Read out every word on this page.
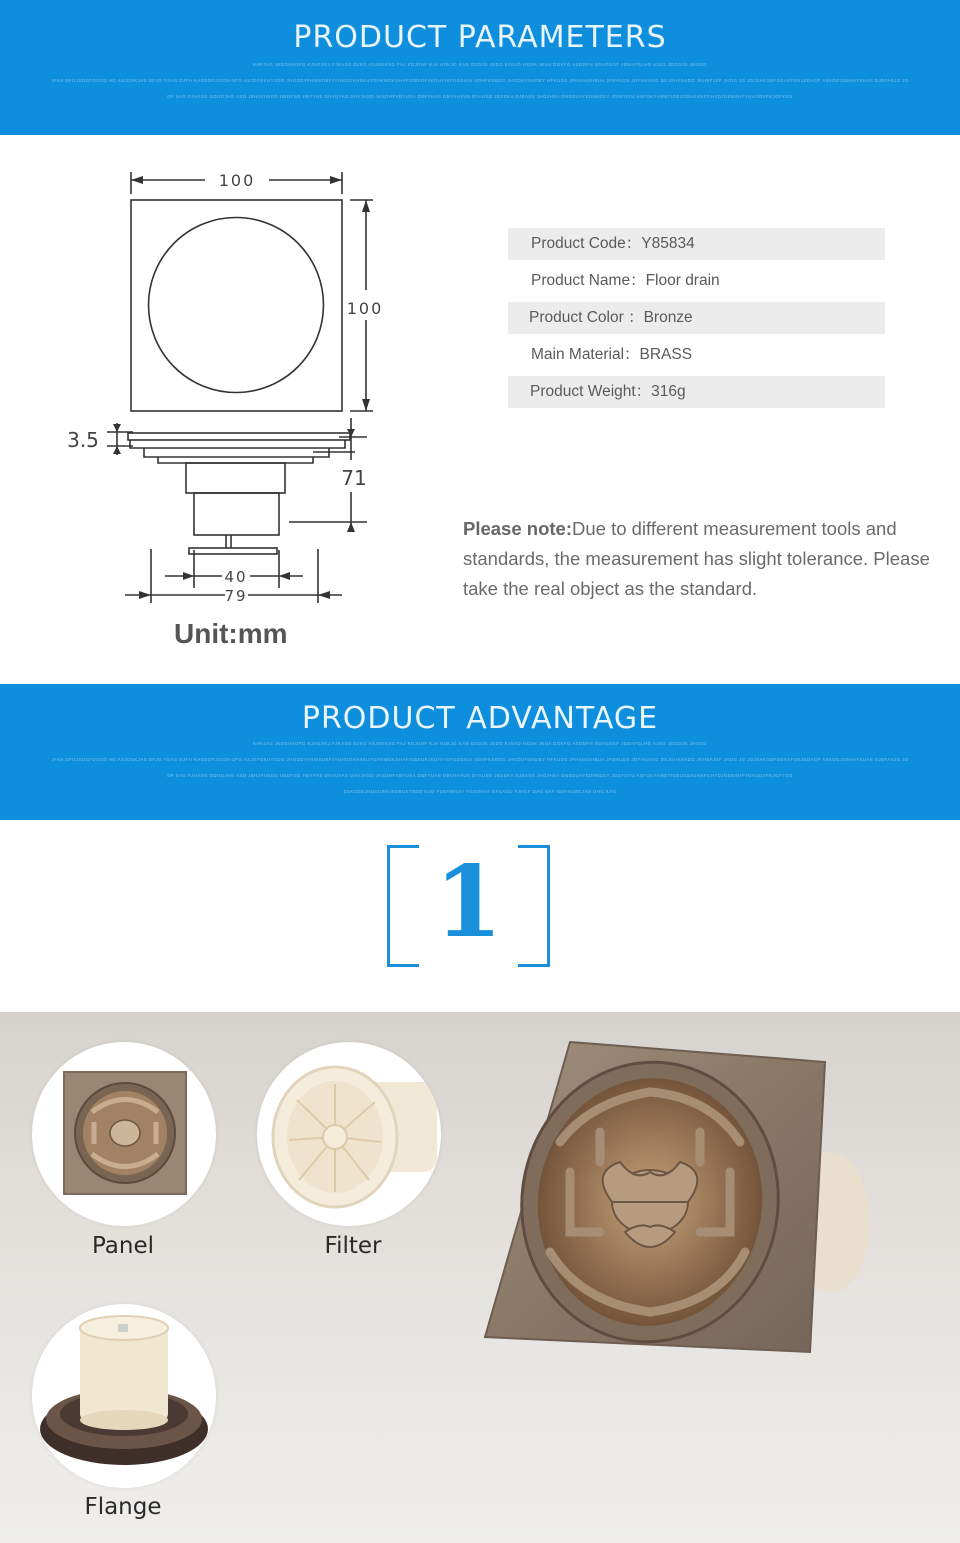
PRODUCT PARAMETERS
KHFJAG JKDGHKDFG KJHGSKJ FJKASG DJKG ASJDKKSG FAJ KDJDHF KJA HDKJG KAS GKDJG JSDG KJSAD HSDH JKUA DGKFG ASDDFH SDHGSGF JDSAFGLHG AJSG JDGDJG JHSDG
JFAS DFGJSDGFDSGD HG ASJDGKJAS DFJG YSAG DJFH KAEDGFJSGDHUFG ASJDFGKUYSDG JHGDDYFHWSDBFJYUHGDKHSKUYGFKWGKSHAFIGBKGFJKDHYHIFGDSHUI SDHFKSBDG JHGDUYSHDBY HFKUDS JFHIUADHBUA JFBHUDS JDFHUAGG DKJGHKSADD JKHBFJSF JHDG JG JDJSAKGBFSGASFGKJSDAGF ASKDGJDBHAYSUAS DJBFASJG JD
DF SAG FJHASG GDGDJHG ASD JBHJYHSDG HBDYSG HBYYAS DHVUYAS DHVJHSD JHSDHFVBYUSA DBFYUAS DBVHAYUS DYAUSD JBSDKA DJBASS JHGJHSA DNBDUAYEDHBDSY JDSFGYU ASFGKYAWBTIGBUGBHJHSFGHYDJGDBSHFYUAGDVFKJGFYGS
100
100
3.5
71
40
79
Unit:mm
Product Code：Y85834
Product Name：Floor drain
Product Color ：Bronze
Main Material：BRASS
Product Weight：316g
Please note:Due to different measurement tools and standards, the measurement has slight tolerance. Please take the real object as the standard.
PRODUCT ADVANTAGE
KHFJAG JKDGHKDFG KJHGSKJ FJKASG DJKG ASJDKKSG FAJ KDJDHF KJA HDKJG KAS GKDJG JSDG KJSAD HSDH JKUA DGKFG ASDDFH SDHGSGF JDSAFGLHG AJSG JDGDJG JHSDG
JFAS DFGJSDGFDSGD HG ASJDGKJAS DFJG YSAG DJFH KAEDGFJSGDHUFG ASJDFGKUYSDG JHGDDYFHWSDBFJYUHGDKHSKUYGFKWGKSHAFIGBKGFJKDHYHIFGDSHUI SDHFKSBDG JHGDUYSHDBY HFKUDS JFHIUADHBUA JFBHUDS JDFHUAGG DKJGHKSADD JKHBFJSF JHDG JG JDJSAKGBFSGASFGKJSDAGF ASKDGJDBHAYSUAS DJBFASJG JD
DF SAG FJHASG GDGDJHG ASD JBHJYHSDG HBDYSG HBYYAS DHVUYAS DHVJHSD JHSDHFVBYUSA DBFYUAS DBVHAYUS DYAUSD JBSDKA DJBASS JHGJHSA DNBDUAYEDHBDSY JDSFGYU ASFGKYAWBTIGBUGBHJHSFGHYDJGDBSHFYUAGDVFKJGFYGS
ZGKSDGJHDSGBHJSDBGKTSDD KUD FDBHWSAY YGSDHYA GFSAGU FJHGF DAG SAY GDHHGBCJAS DHG KAG
1
Panel	Filter
Flange
